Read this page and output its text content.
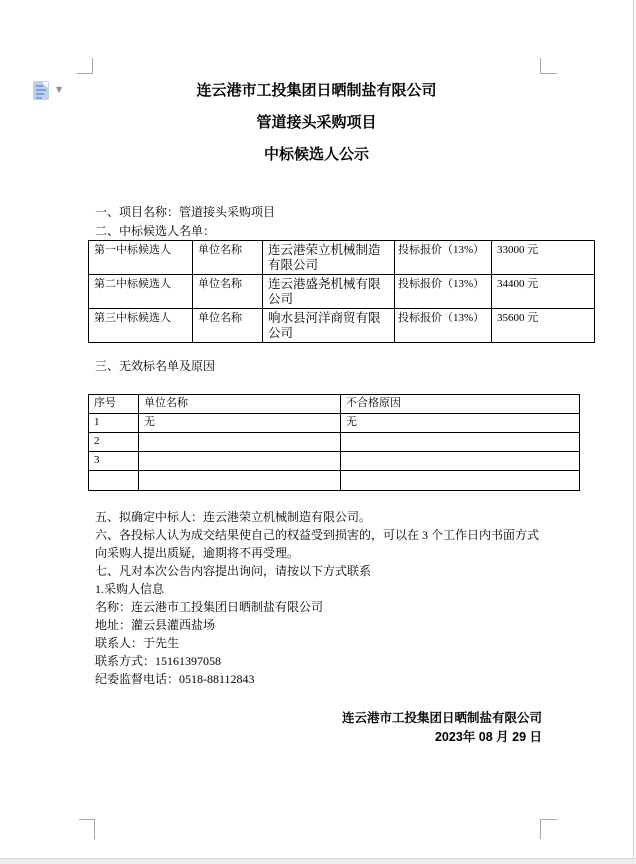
▼	连云港市工投集团日晒制盐有限公司
管道接头采购项目
中标候选人公示
一、项目名称：管道接头采购项目
二、中标候选人名单：
第一中标候选人	单位名称	连云港荣立机械制造有限公司	投标报价（13%）	33000 元
第二中标候选人	单位名称	连云港盛尧机械有限公司	投标报价（13%）	34400 元
第三中标候选人	单位名称	响水县河洋商贸有限公司	投标报价（13%）	35600 元
三、无效标名单及原因
序号	单位名称	不合格原因
1	无	无
2		
3		

五、拟确定中标人：连云港荣立机械制造有限公司。
六、各投标人认为成交结果使自己的权益受到损害的，可以在 3 个工作日内书面方式向采购人提出质疑，逾期将不再受理。
七、凡对本次公告内容提出询问，请按以下方式联系
1.采购人信息
名称：连云港市工投集团日晒制盐有限公司
地址：灌云县灌西盐场
联系人：于先生
联系方式：15161397058
纪委监督电话：0518-88112843
连云港市工投集团日晒制盐有限公司
2023年 08 月 29 日
